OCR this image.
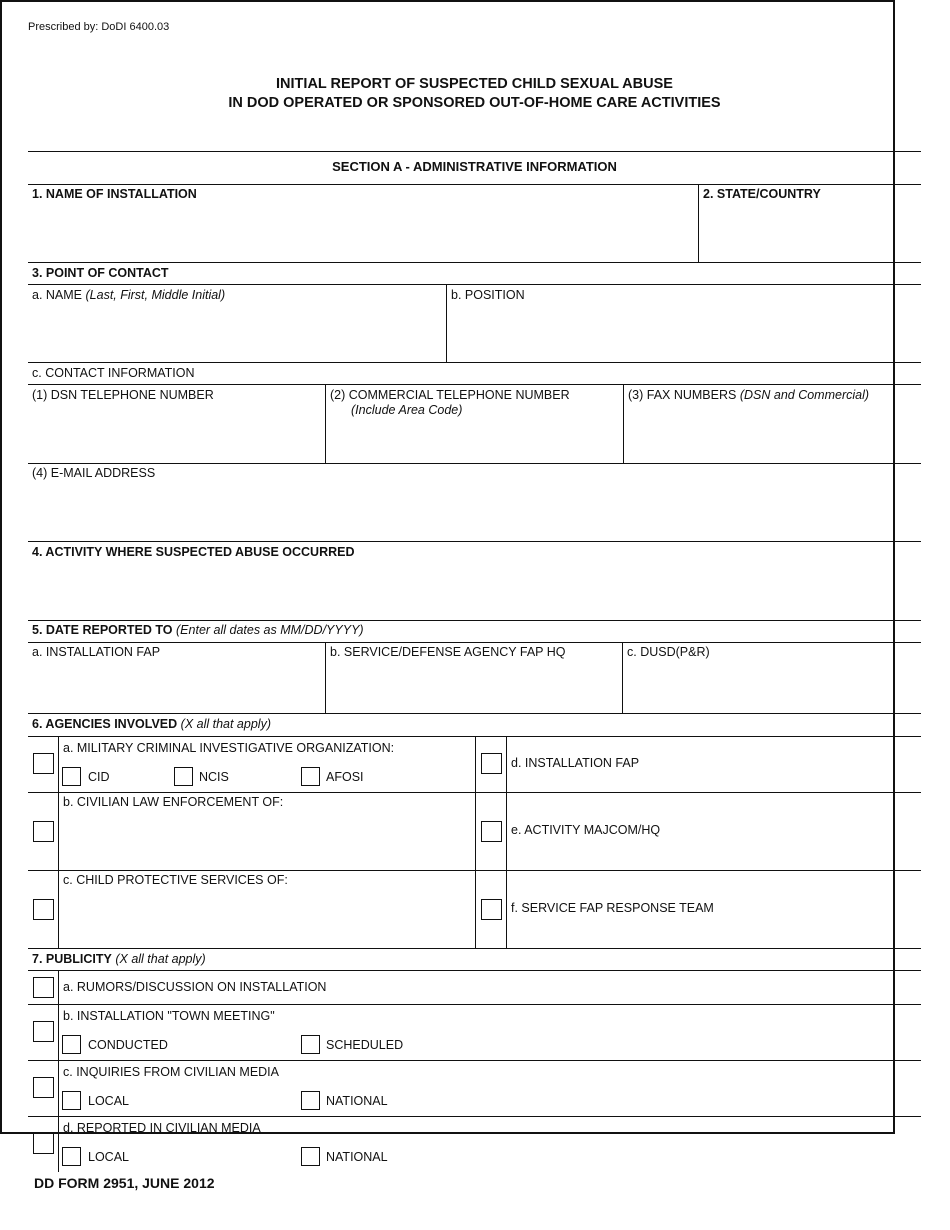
Prescribed by: DoDI 6400.03
INITIAL REPORT OF SUSPECTED CHILD SEXUAL ABUSE
IN DOD OPERATED OR SPONSORED OUT-OF-HOME CARE ACTIVITIES
SECTION A - ADMINISTRATIVE INFORMATION
1. NAME OF INSTALLATION	2. STATE/COUNTRY
3. POINT OF CONTACT
a. NAME (Last, First, Middle Initial)	b. POSITION
c. CONTACT INFORMATION
(1) DSN TELEPHONE NUMBER	(2) COMMERCIAL TELEPHONE NUMBER
(Include Area Code)
(3) FAX NUMBERS (DSN and Commercial)
(4) E-MAIL ADDRESS
4. ACTIVITY WHERE SUSPECTED ABUSE OCCURRED
5. DATE REPORTED TO (Enter all dates as MM/DD/YYYY)
a. INSTALLATION FAP	b. SERVICE/DEFENSE AGENCY FAP HQ	c. DUSD(P&R)
6. AGENCIES INVOLVED (X all that apply)
a. MILITARY CRIMINAL INVESTIGATIVE ORGANIZATION:
CID	NCIS	AFOSI
b. CIVILIAN LAW ENFORCEMENT OF:
c. CHILD PROTECTIVE SERVICES OF:
d. INSTALLATION FAP
e. ACTIVITY MAJCOM/HQ
f. SERVICE FAP RESPONSE TEAM
7. PUBLICITY (X all that apply)
a. RUMORS/DISCUSSION ON INSTALLATION
b. INSTALLATION "TOWN MEETING"
CONDUCTED	SCHEDULED
c. INQUIRIES FROM CIVILIAN MEDIA
LOCAL	NATIONAL
d. REPORTED IN CIVILIAN MEDIA
LOCAL	NATIONAL
DD FORM 2951, JUNE 2012
